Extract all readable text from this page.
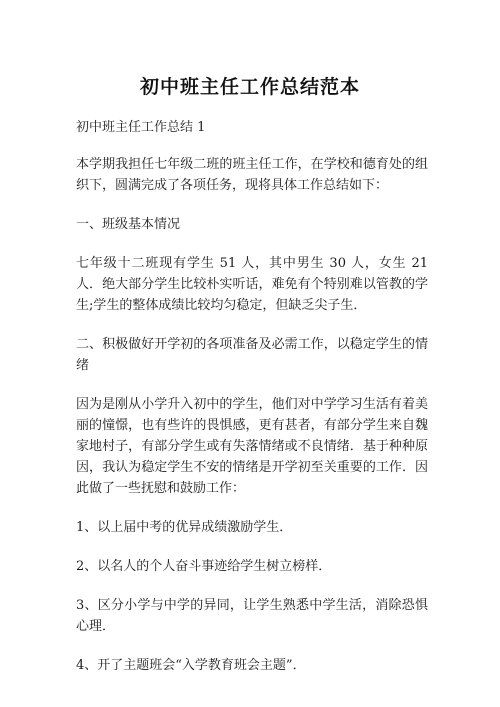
初中班主任工作总结范本

初中班主任工作总结 1

本学期我担任七年级二班的班主任工作，在学校和德育处的组织下，圆满完成了各项任务，现将具体工作总结如下：

一、班级基本情况

七年级十二班现有学生 51 人，其中男生 30 人，女生 21 人．绝大部分学生比较朴实听话，难免有个特别难以管教的学生;学生的整体成绩比较均匀稳定，但缺乏尖子生．

二、积极做好开学初的各项准备及必需工作，以稳定学生的情绪

因为是刚从小学升入初中的学生，他们对中学学习生活有着美丽的憧憬，也有些许的畏惧感，更有甚者，有部分学生来自魏家地村子，有部分学生或有失落情绪或不良情绪．基于种种原因，我认为稳定学生不安的情绪是开学初至关重要的工作．因此做了一些抚慰和鼓励工作：

1、以上届中考的优异成绩激励学生．

2、以名人的个人奋斗事迹给学生树立榜样．

3、区分小学与中学的异同，让学生熟悉中学生活，消除恐惧心理．

4、开了主题班会“入学教育班会主题”．
